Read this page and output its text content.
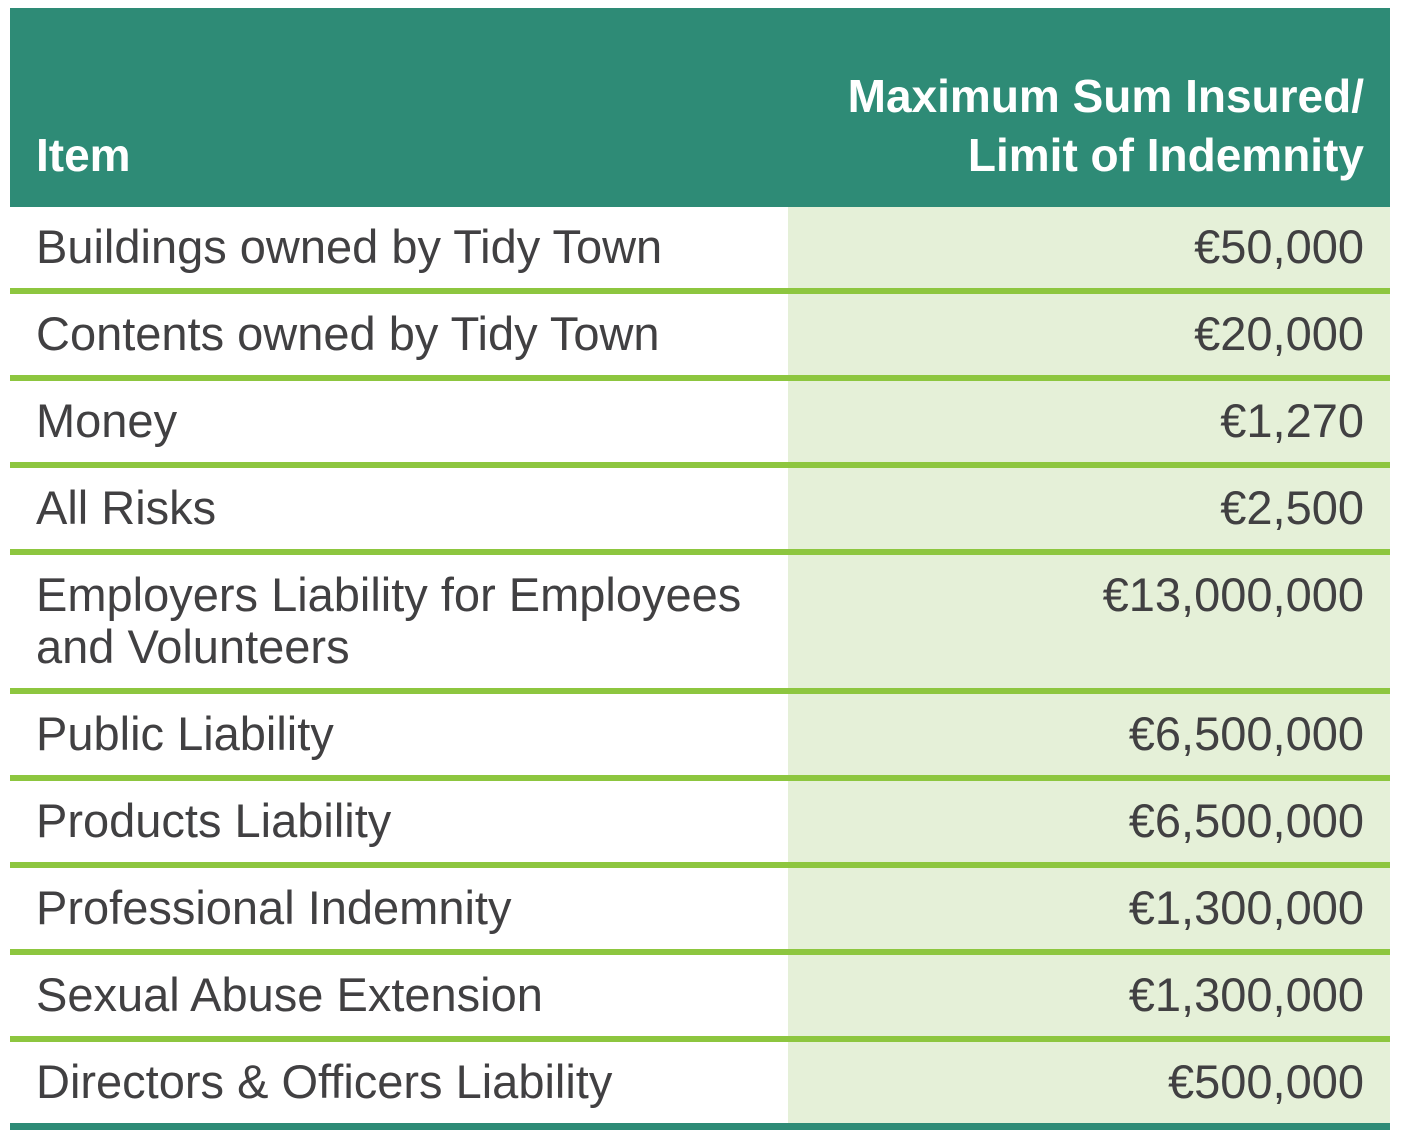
Item	Maximum Sum Insured/
Limit of Indemnity
Buildings owned by Tidy Town	€50,000
Contents owned by Tidy Town	€20,000
Money	€1,270
All Risks	€2,500
Employers Liability for Employees and Volunteers	€13,000,000
Public Liability	€6,500,000
Products Liability	€6,500,000
Professional Indemnity	€1,300,000
Sexual Abuse Extension	€1,300,000
Directors & Officers Liability	€500,000
